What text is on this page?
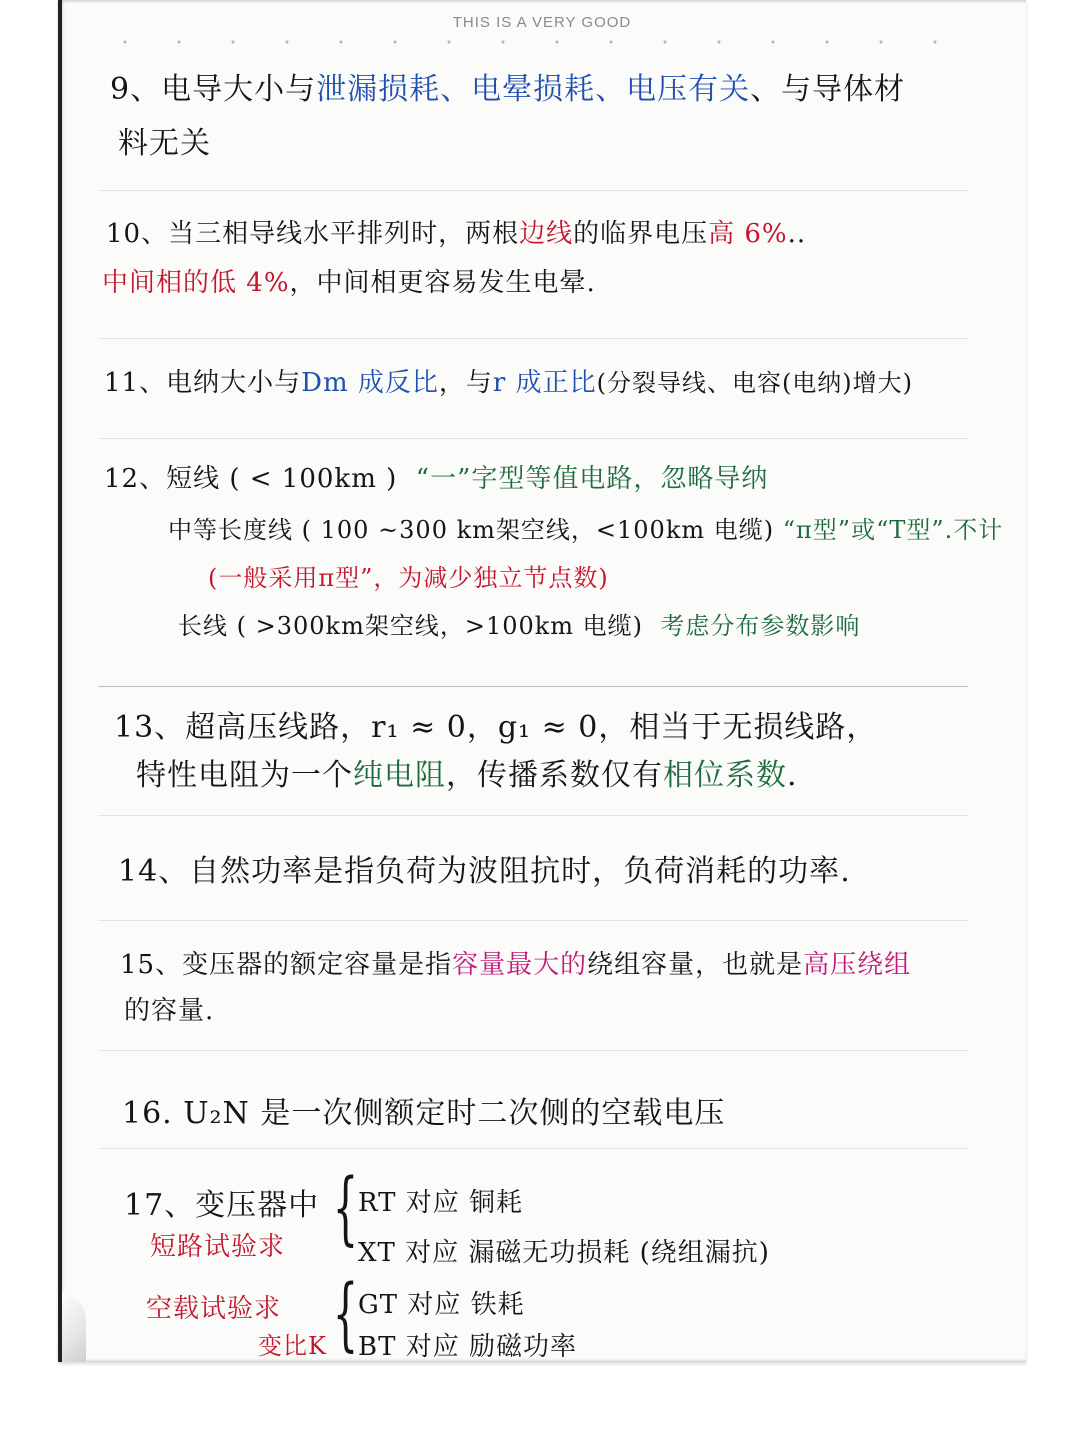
THIS IS A VERY GOOD
9、电导大小与泄漏损耗、电晕损耗、电压有关、与导体材
料无关
10、当三相导线水平排列时，两根边线的临界电压高 6%..
中间相的低 4%，中间相更容易发生电晕.
11、电纳大小与Dm 成反比，与r 成正比(分裂导线、电容(电纳)增大)
12、短线 ( < 100km ) “一”字型等值电路，忽略导纳
中等长度线 ( 100 ~300 km架空线，<100km 电缆) “π型”或“T型”.不计
(一般采用π型”，为减少独立节点数)
长线 ( >300km架空线，>100km 电缆) 考虑分布参数影响
13、超高压线路，r₁ ≈ 0，g₁ ≈ 0，相当于无损线路，
特性电阻为一个纯电阻，传播系数仅有相位系数.
14、自然功率是指负荷为波阻抗时，负荷消耗的功率.
15、变压器的额定容量是指容量最大的绕组容量，也就是高压绕组
的容量.
16. U₂N 是一次侧额定时二次侧的空载电压
17、变压器中
短路试验求 { RT 对应 铜耗
XT 对应 漏磁无功损耗 (绕组漏抗)
空载试验求
变比K { GT 对应 铁耗
BT 对应 励磁功率
